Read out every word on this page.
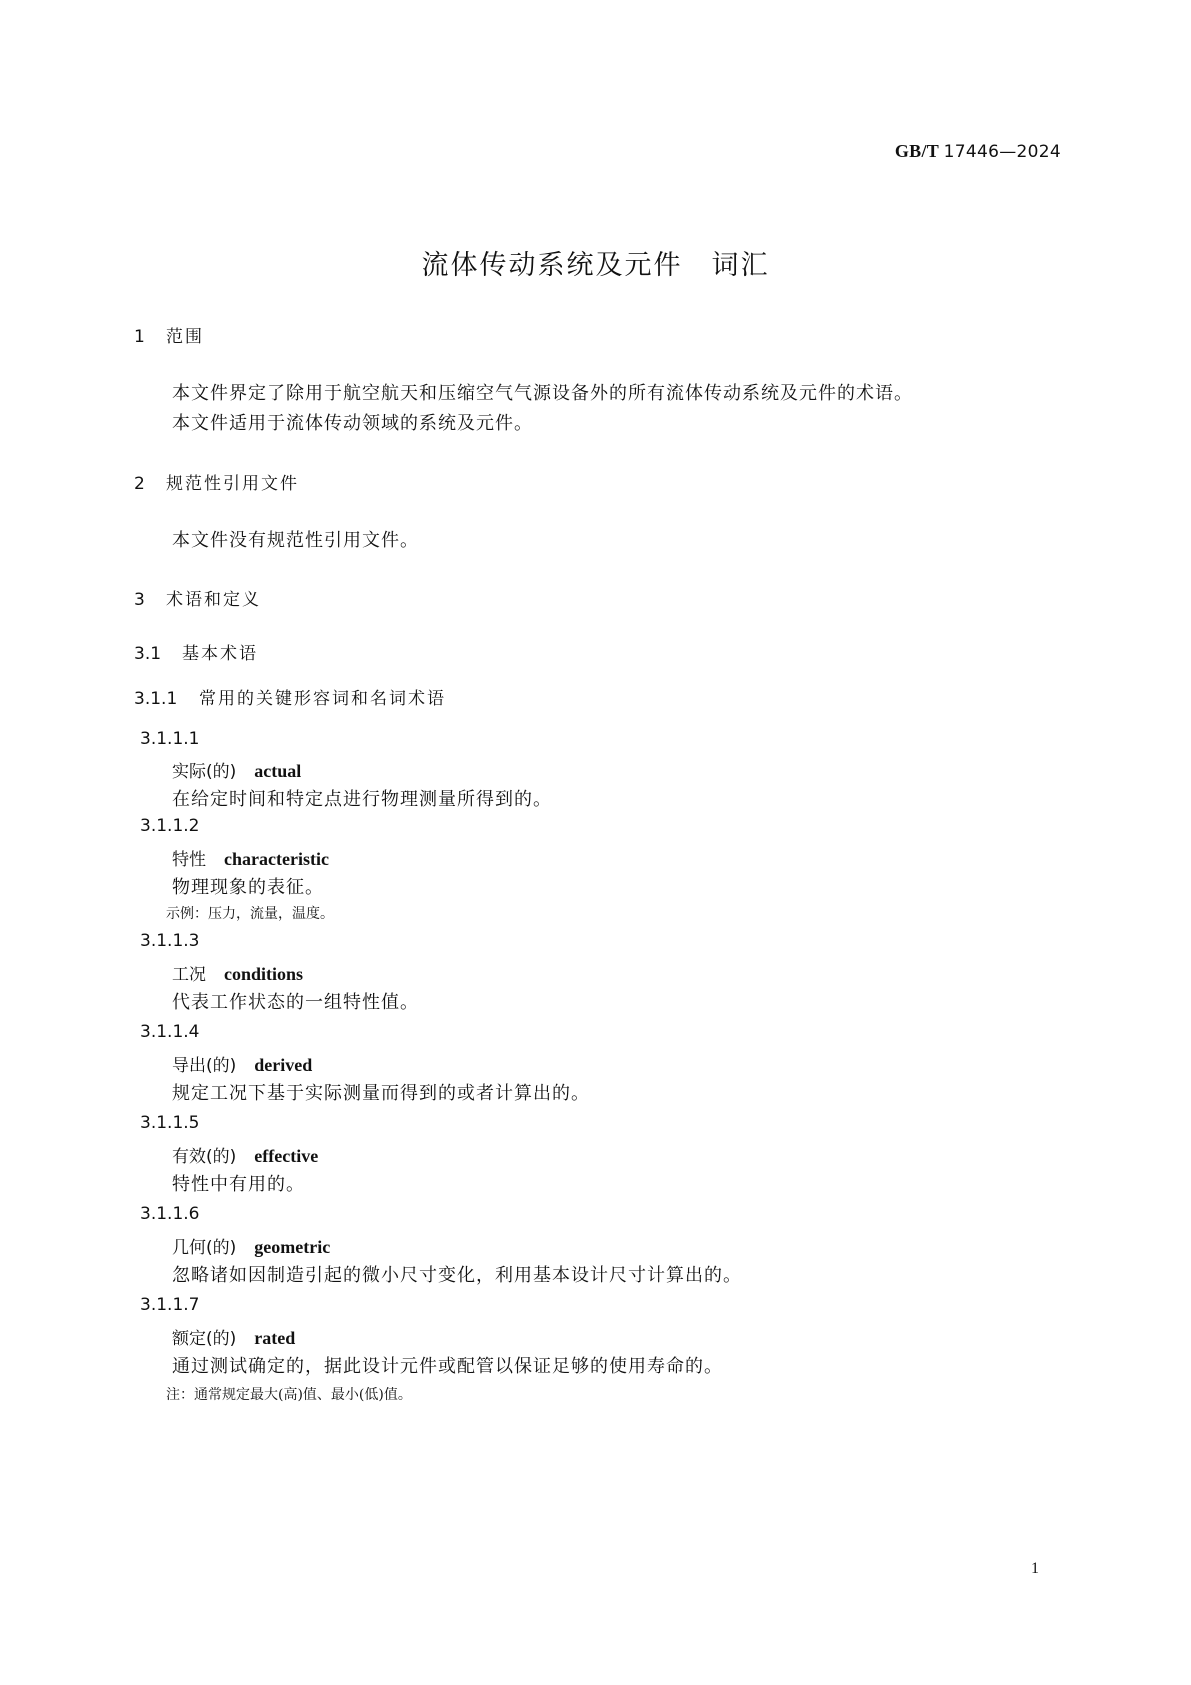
GB/T 17446—2024
流体传动系统及元件　词汇
1 范围
本文件界定了除用于航空航天和压缩空气气源设备外的所有流体传动系统及元件的术语。
本文件适用于流体传动领域的系统及元件。
2 规范性引用文件
本文件没有规范性引用文件。
3 术语和定义
3.1 基本术语
3.1.1 常用的关键形容词和名词术语
3.1.1.1
实际(的) actual
在给定时间和特定点进行物理测量所得到的。
3.1.1.2
特性 characteristic
物理现象的表征。
示例：压力，流量，温度。
3.1.1.3
工况 conditions
代表工作状态的一组特性值。
3.1.1.4
导出(的) derived
规定工况下基于实际测量而得到的或者计算出的。
3.1.1.5
有效(的) effective
特性中有用的。
3.1.1.6
几何(的) geometric
忽略诸如因制造引起的微小尺寸变化，利用基本设计尺寸计算出的。
3.1.1.7
额定(的) rated
通过测试确定的，据此设计元件或配管以保证足够的使用寿命的。
注：通常规定最大(高)值、最小(低)值。
1
